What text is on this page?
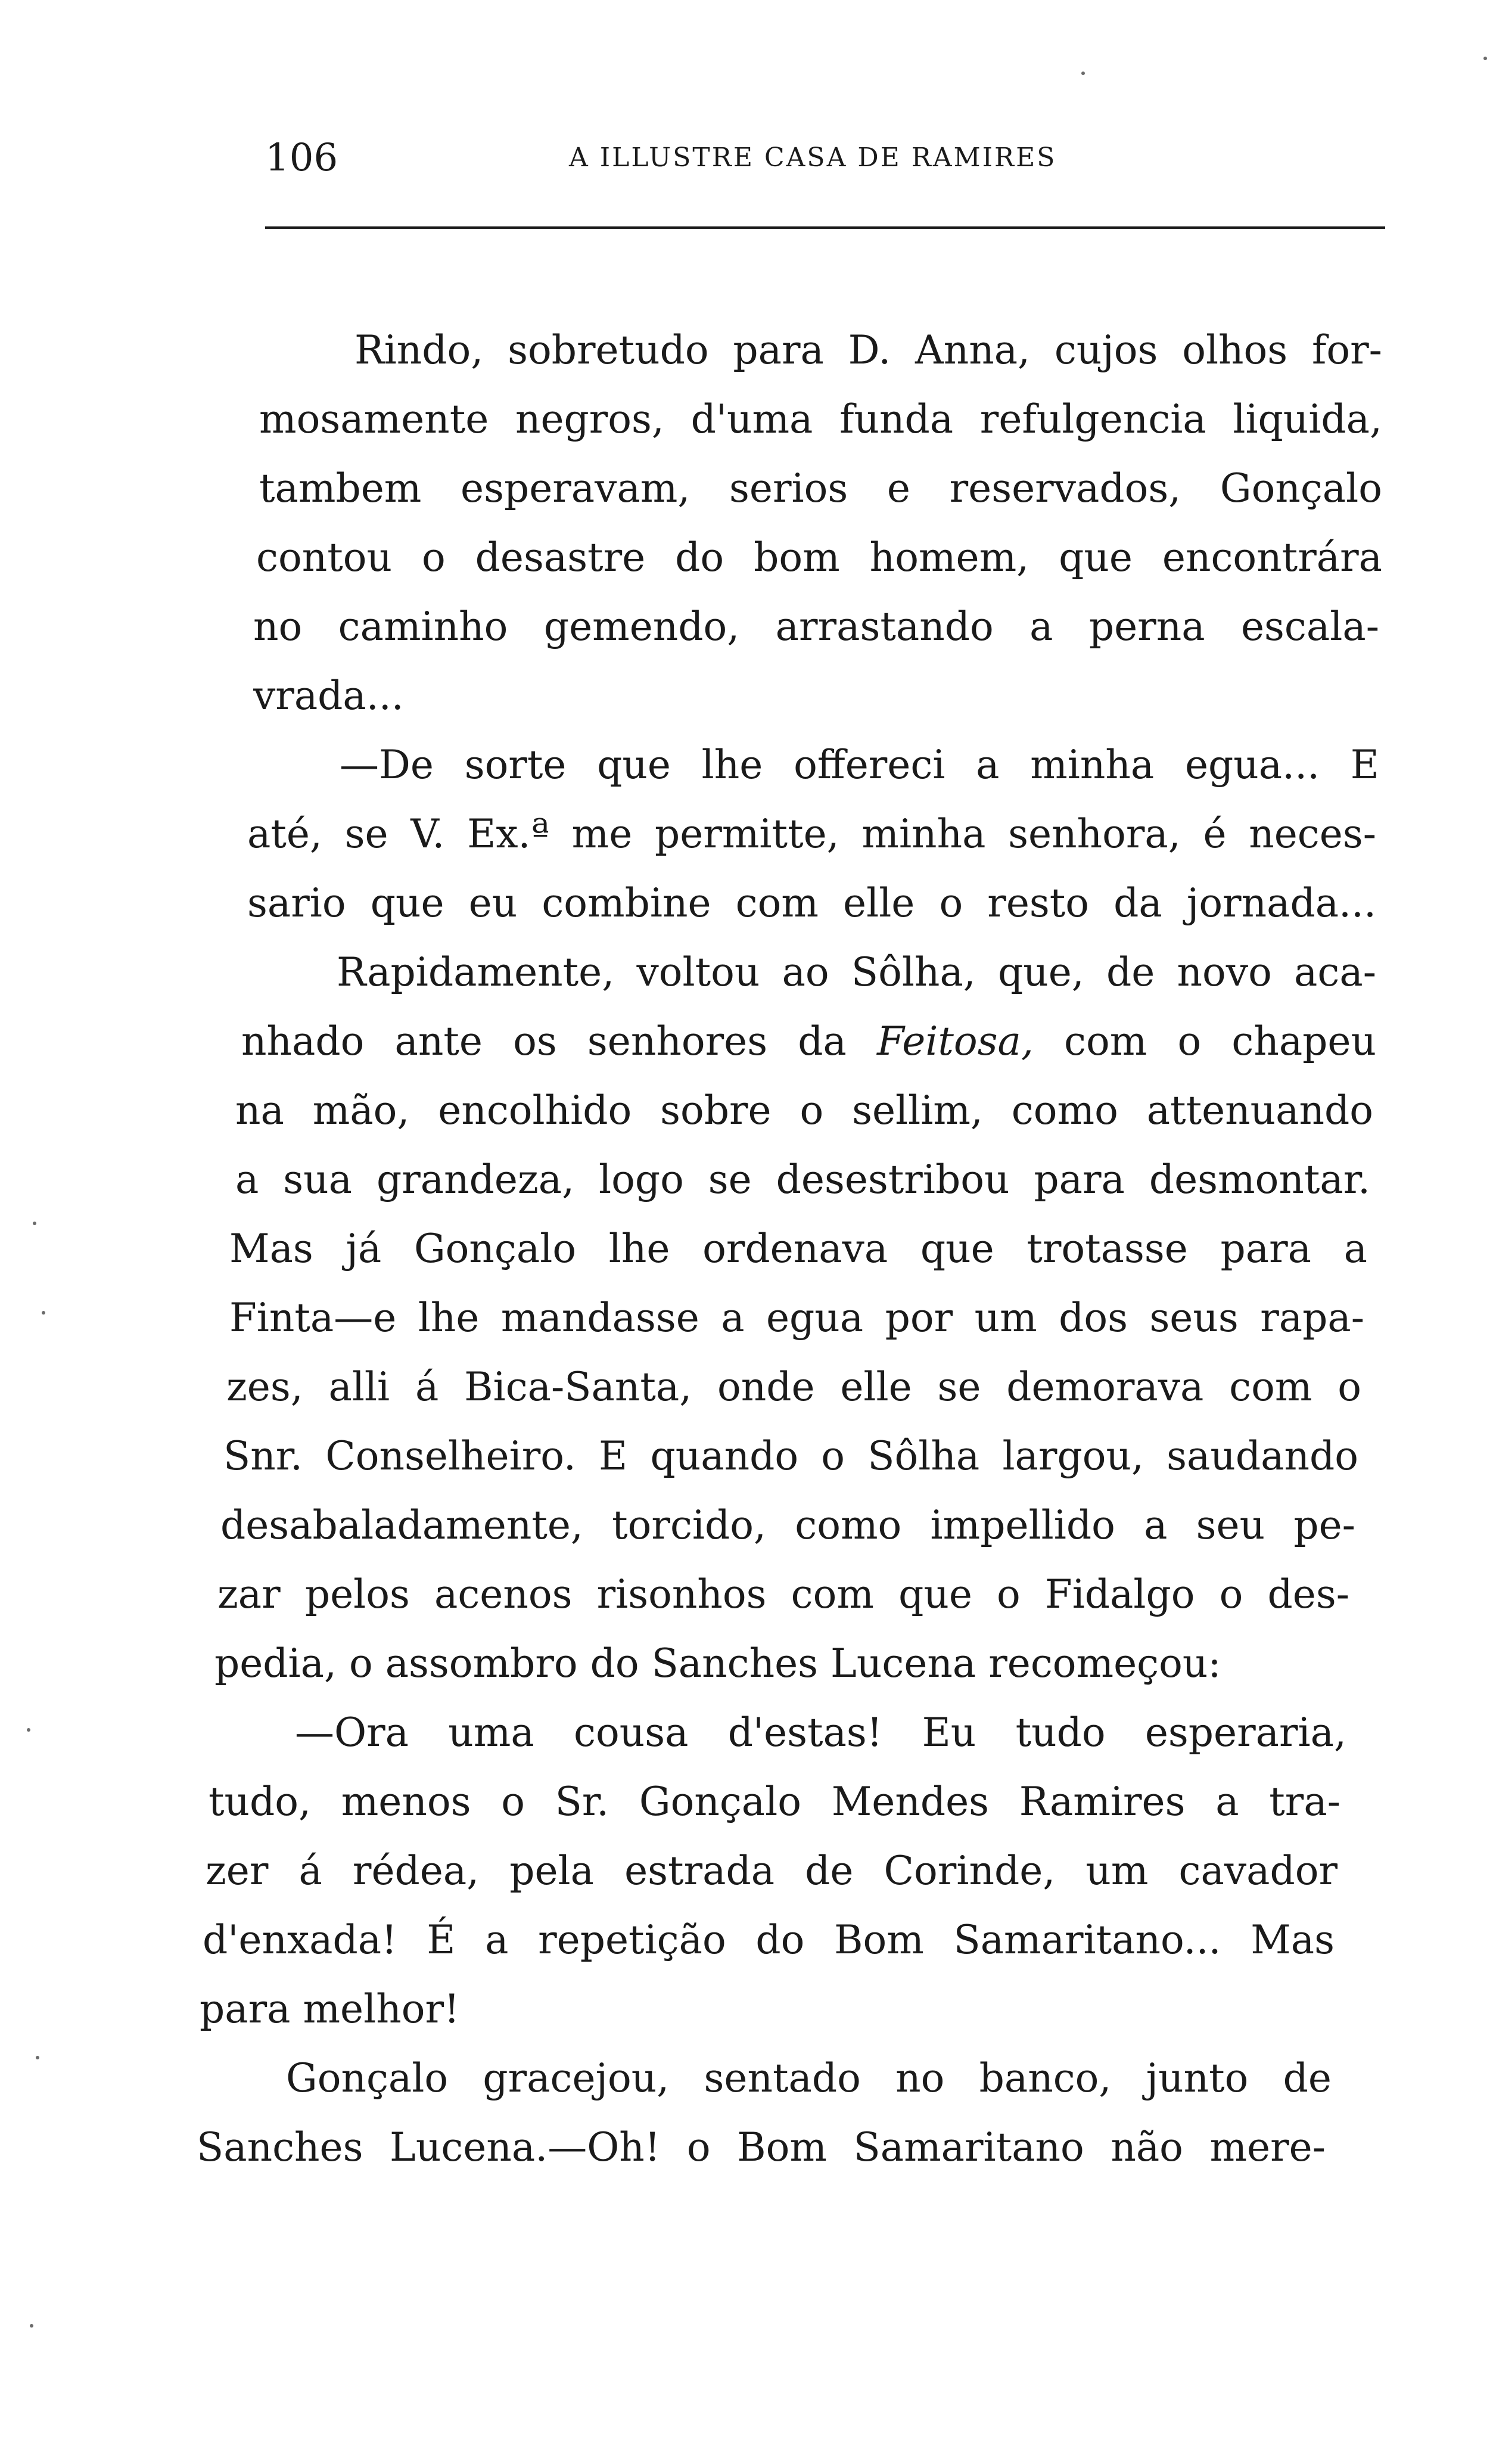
106	A ILLUSTRE CASA DE RAMIRES
Rindo, sobretudo para D. Anna, cujos olhos for-
mosamente negros, d'uma funda refulgencia liquida,
tambem esperavam, serios e reservados, Gonçalo
contou o desastre do bom homem, que encontrára
no caminho gemendo, arrastando a perna escala-
vrada...
—De sorte que lhe offereci a minha egua... E
até, se V. Ex.ª me permitte, minha senhora, é neces-
sario que eu combine com elle o resto da jornada...
Rapidamente, voltou ao Sôlha, que, de novo aca-
nhado ante os senhores da Feitosa, com o chapeu
na mão, encolhido sobre o sellim, como attenuando
a sua grandeza, logo se desestribou para desmontar.
Mas já Gonçalo lhe ordenava que trotasse para a
Finta—e lhe mandasse a egua por um dos seus rapa-
zes, alli á Bica-Santa, onde elle se demorava com o
Snr. Conselheiro. E quando o Sôlha largou, saudando
desabaladamente, torcido, como impellido a seu pe-
zar pelos acenos risonhos com que o Fidalgo o des-
pedia, o assombro do Sanches Lucena recomeçou:
—Ora uma cousa d'estas! Eu tudo esperaria,
tudo, menos o Sr. Gonçalo Mendes Ramires a tra-
zer á rédea, pela estrada de Corinde, um cavador
d'enxada! É a repetição do Bom Samaritano... Mas
para melhor!
Gonçalo gracejou, sentado no banco, junto de
Sanches Lucena.—Oh! o Bom Samaritano não mere-
